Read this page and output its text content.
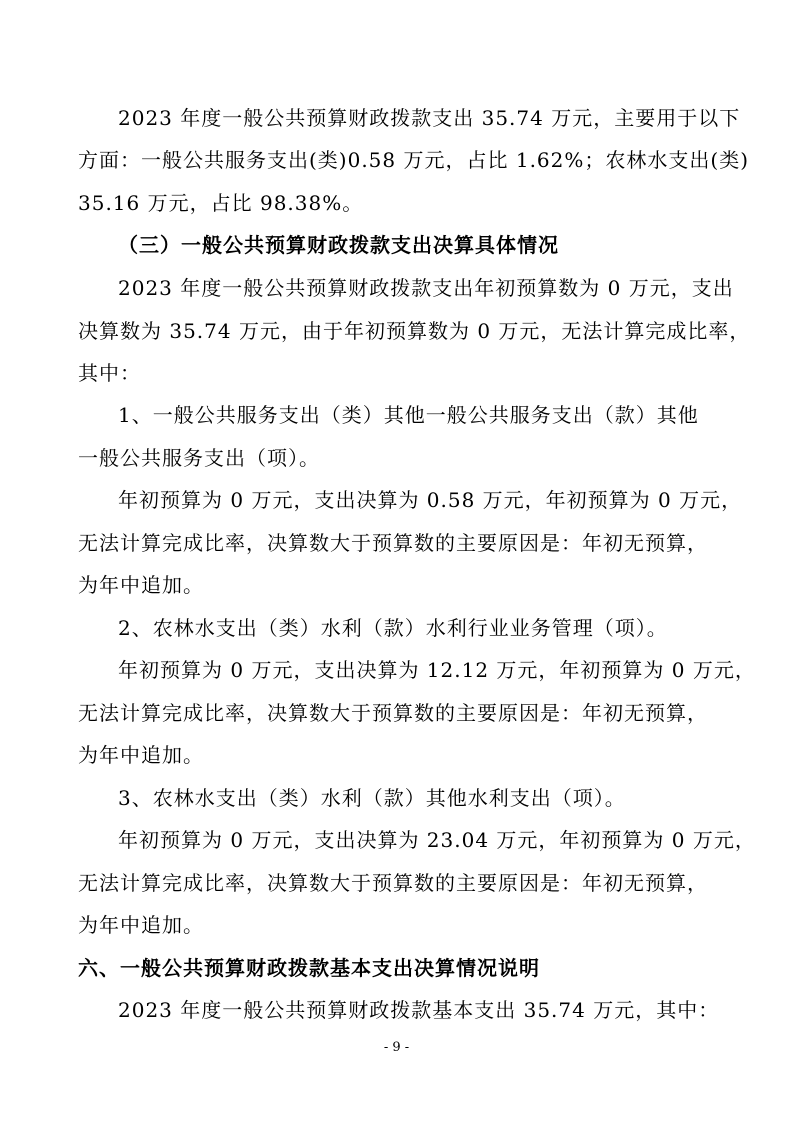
2023 年度一般公共预算财政拨款支出 35.74 万元，主要用于以下
方面：一般公共服务支出(类)0.58 万元，占比 1.62%；农林水支出(类)
35.16 万元，占比 98.38%。
（三）一般公共预算财政拨款支出决算具体情况
2023 年度一般公共预算财政拨款支出年初预算数为 0 万元，支出
决算数为 35.74 万元，由于年初预算数为 0 万元，无法计算完成比率，
其中：
1、一般公共服务支出（类）其他一般公共服务支出（款）其他
一般公共服务支出（项）。
年初预算为 0 万元，支出决算为 0.58 万元，年初预算为 0 万元，
无法计算完成比率，决算数大于预算数的主要原因是：年初无预算，
为年中追加。
2、农林水支出（类）水利（款）水利行业业务管理（项）。
年初预算为 0 万元，支出决算为 12.12 万元，年初预算为 0 万元，
无法计算完成比率，决算数大于预算数的主要原因是：年初无预算，
为年中追加。
3、农林水支出（类）水利（款）其他水利支出（项）。
年初预算为 0 万元，支出决算为 23.04 万元，年初预算为 0 万元，
无法计算完成比率，决算数大于预算数的主要原因是：年初无预算，
为年中追加。
六、一般公共预算财政拨款基本支出决算情况说明
2023 年度一般公共预算财政拨款基本支出 35.74 万元，其中：
- 9 -
